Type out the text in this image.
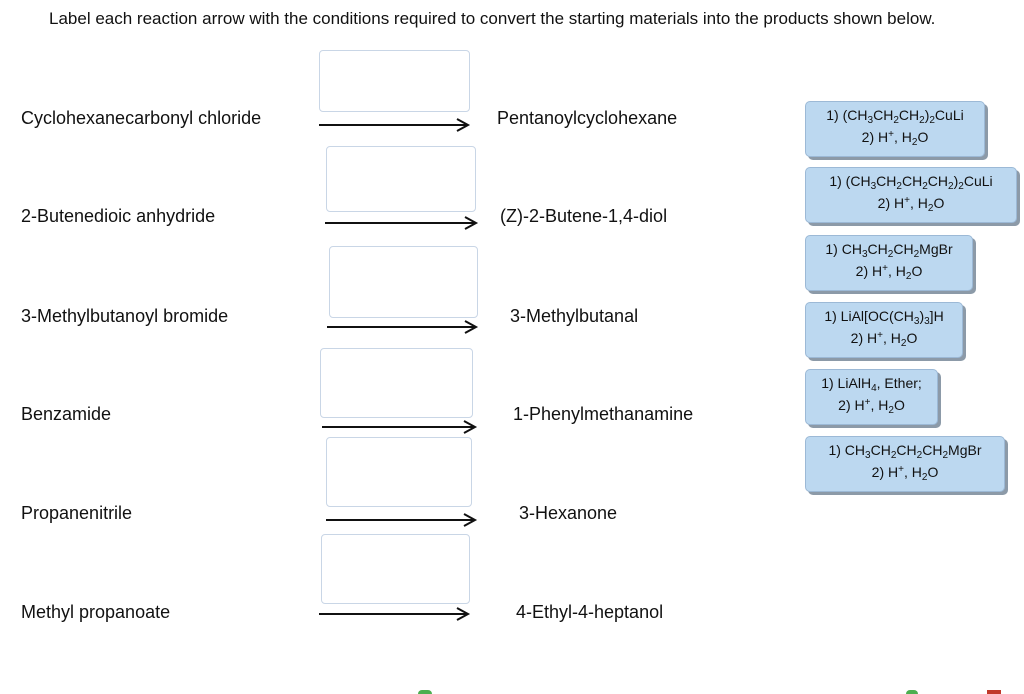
Label each reaction arrow with the conditions required to convert the starting materials into the products shown below.
Cyclohexanecarbonyl chloride	Pentanoylcyclohexane
2-Butenedioic anhydride	(Z)-2-Butene-1,4-diol
3-Methylbutanoyl bromide	3-Methylbutanal
Benzamide	1-Phenylmethanamine
Propanenitrile	3-Hexanone
Methyl propanoate	4-Ethyl-4-heptanol
1) $(CH_3CH_2CH_2)_2CuLi$
2) H+, $H_2O$
1) $(CH_3CH_2CH_2CH_2)_2CuLi$
2) H+, $H_2O$
1) $CH_3CH_2CH_2MgBr$
2) H+, $H_2O$
1) $LiAl[OC(CH_3)_3]H$
2) H+, $H_2O$
1) LiAlH$_4$, Ether;
2) H+, $H_2O$
1) $CH_3CH_2CH_2CH_2MgBr$
2) H+, $H_2O$
